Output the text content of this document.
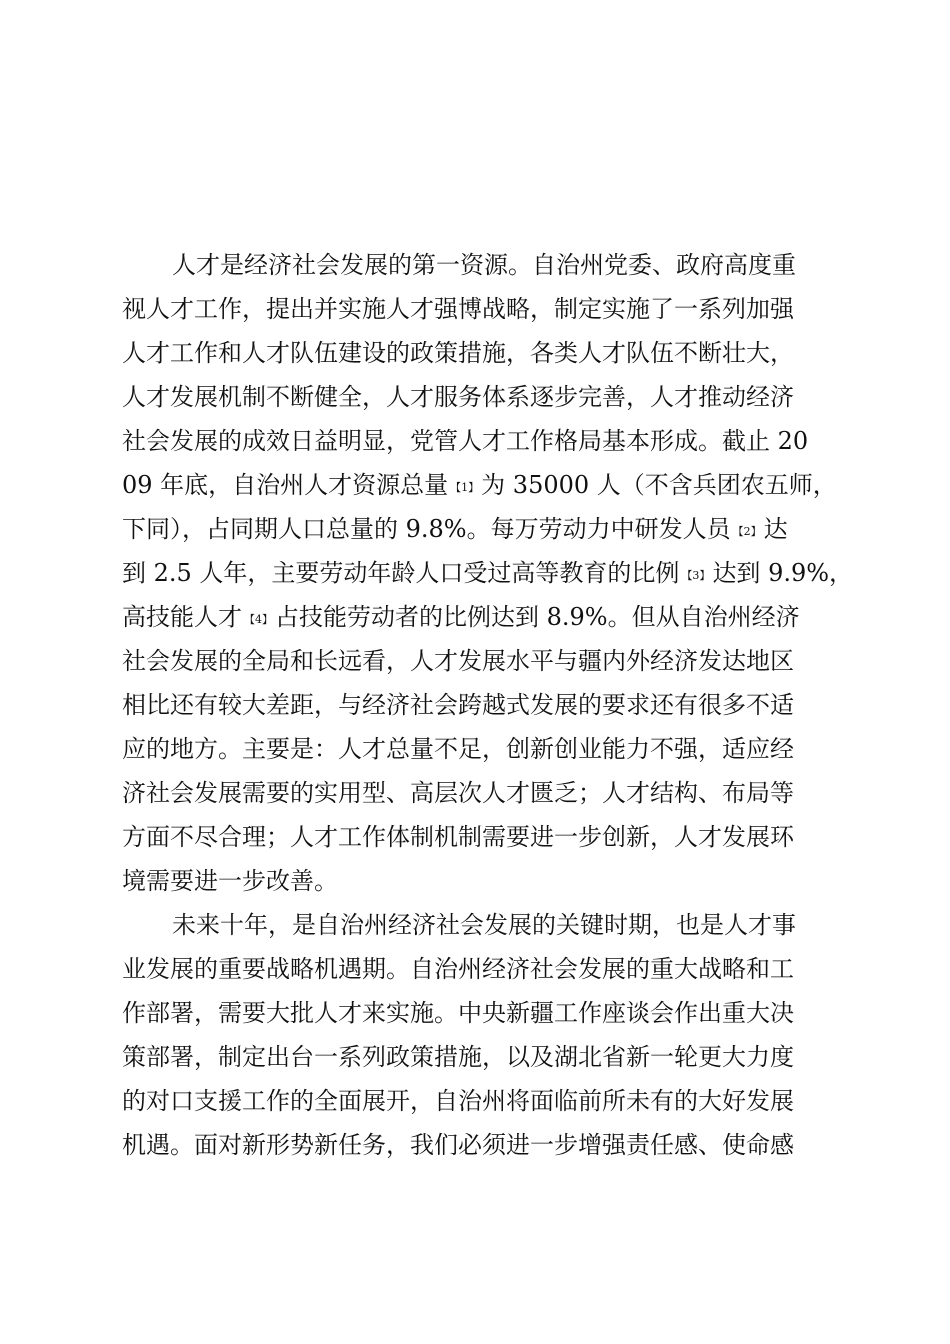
人才是经济社会发展的第一资源。自治州党委、政府高度重
视人才工作，提出并实施人才强博战略，制定实施了一系列加强
人才工作和人才队伍建设的政策措施，各类人才队伍不断壮大，
人才发展机制不断健全，人才服务体系逐步完善，人才推动经济
社会发展的成效日益明显，党管人才工作格局基本形成。截止 20
09 年底，自治州人才资源总量 【1】为 35000 人（不含兵团农五师，
下同），占同期人口总量的 9.8%。每万劳动力中研发人员 【2】达
到 2.5 人年，主要劳动年龄人口受过高等教育的比例 【3】达到 9.9%，
高技能人才 【4】占技能劳动者的比例达到 8.9%。但从自治州经济
社会发展的全局和长远看，人才发展水平与疆内外经济发达地区
相比还有较大差距，与经济社会跨越式发展的要求还有很多不适
应的地方。主要是：人才总量不足，创新创业能力不强，适应经
济社会发展需要的实用型、高层次人才匮乏；人才结构、布局等
方面不尽合理；人才工作体制机制需要进一步创新，人才发展环
境需要进一步改善。
未来十年，是自治州经济社会发展的关键时期，也是人才事
业发展的重要战略机遇期。自治州经济社会发展的重大战略和工
作部署，需要大批人才来实施。中央新疆工作座谈会作出重大决
策部署，制定出台一系列政策措施，以及湖北省新一轮更大力度
的对口支援工作的全面展开，自治州将面临前所未有的大好发展
机遇。面对新形势新任务，我们必须进一步增强责任感、使命感
